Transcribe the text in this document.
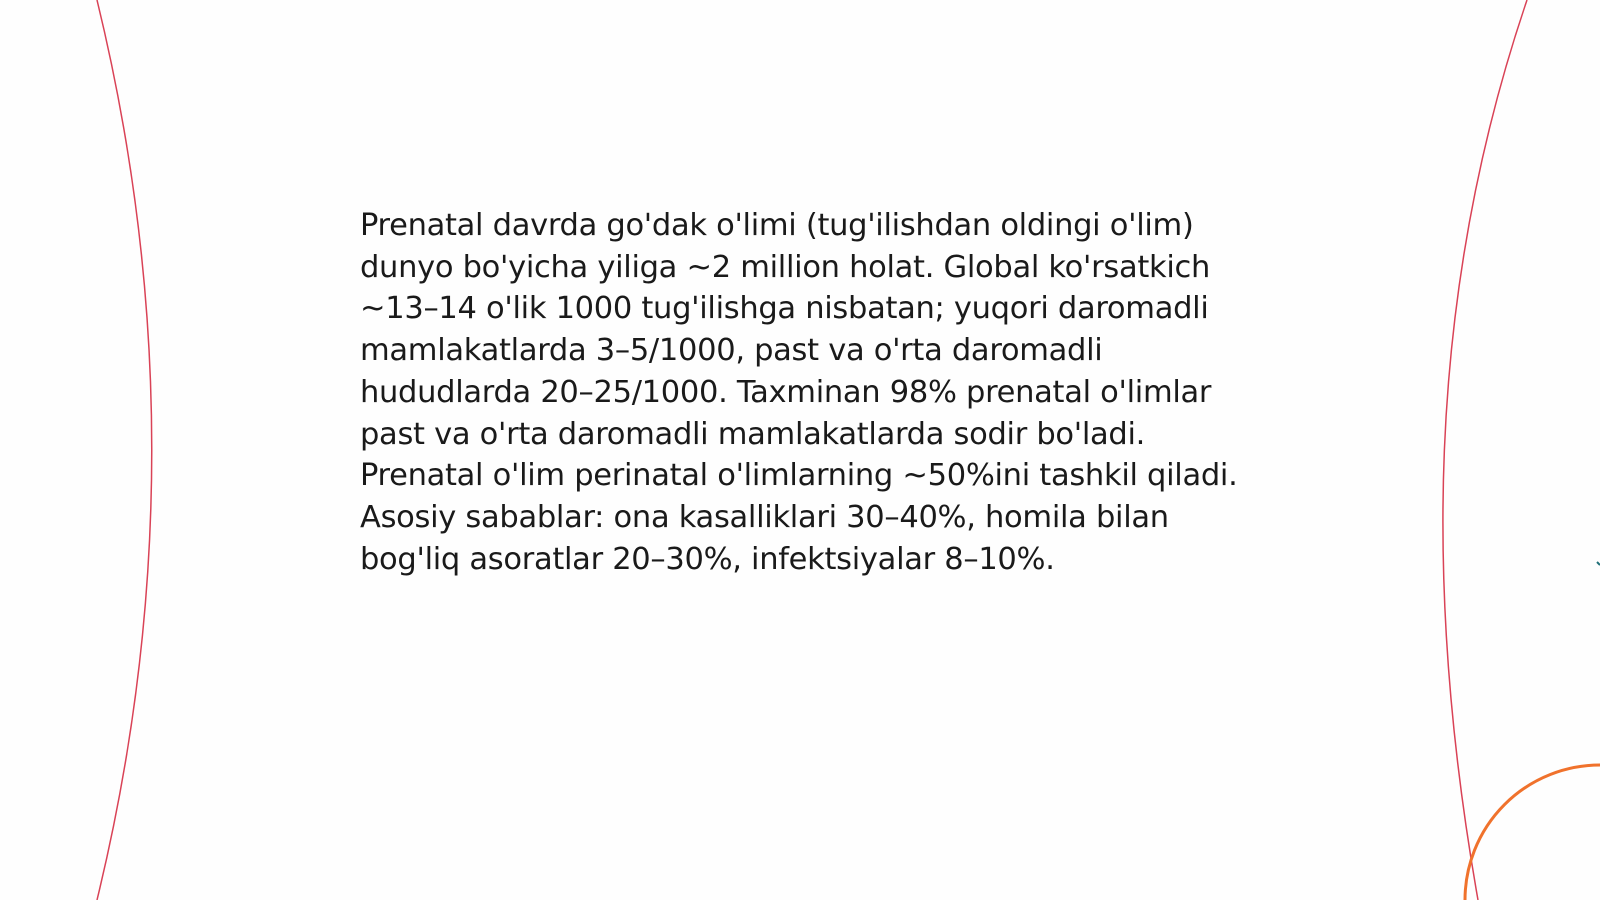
Prenatal davrda go'dak o'limi (tug'ilishdan oldingi o'lim) dunyo bo'yicha yiliga ~2 million holat. Global ko'rsatkich ~13–14 o'lik 1000 tug'ilishga nisbatan; yuqori daromadli mamlakatlarda 3–5/1000, past va o'rta daromadli hududlarda 20–25/1000. Taxminan 98% prenatal o'limlar past va o'rta daromadli mamlakatlarda sodir bo'ladi. Prenatal o'lim perinatal o'limlarning ~50%ini tashkil qiladi. Asosiy sabablar: ona kasalliklari 30–40%, homila bilan bog'liq asoratlar 20–30%, infektsiyalar 8–10%.
